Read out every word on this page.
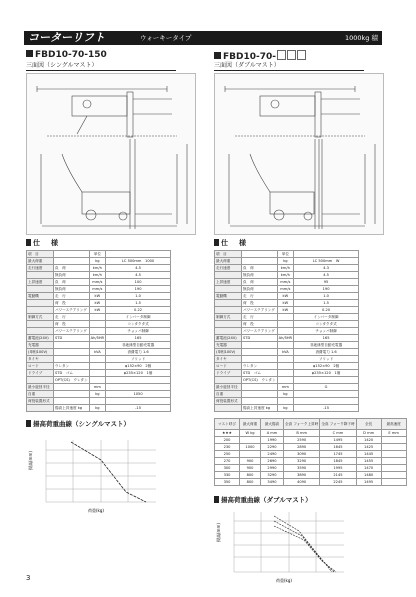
コーターリフト	ウォーキータイプ	1000kg 積
FBD10-70-150
三面図（シングルマスト）
FBD10-70-
三面図（ダブルマスト）
仕　様	仕　様
項　目		単位	
最大荷重		kg	LC 500mm　1000
走行速度	負　荷	km/h	4.5
	無負荷	km/h	4.5
上昇速度	負　荷	mm/s	100
	無負荷	mm/s	190
電動機	走　行	kW	1.0
	荷　役	kW	1.5
	パワーステアリング	kW	0.22
制御方式	走　行		インバータ制御
	荷　役		コンタクタ式
	パワーステアリング		チョッパ制御
蓄電池(24V)	STD	Ah/5HR	165
充電器			非絶縁型自動充電器
(単相100V)		kVA	消費電力 1.6
タイヤ			ソリッド
ロード	ウレタン		φ152×90　2個
ドライブ	STD　ゴム		φ235×120　1個
	OPT(CS)　ウレタン		
最小旋回半径		mm	
自重		kg	1050
荷役装置形式			
	揚高上昇速度 kg	kg	-15
項　目		単位	
最大荷重		kg	LC 500mm　W
走行速度	負　荷	km/h	4.3
	無負荷	km/h	4.5
上昇速度	負　荷	mm/s	95
	無負荷	mm/s	190
電動機	走　行	kW	1.0
	荷　役	kW	1.5
	パワーステアリング	kW	0.20
制御方式	走　行		インバータ制御
	荷　役		コンタクタ式
	パワーステアリング		チョッパ制御
蓄電池(24V)	STD	Ah/5HR	165
充電器			非絶縁型自動充電器
(単相100V)		kVA	消費電力 1.6
タイヤ			ソリッド
ロード	ウレタン		φ152×90　2個
ドライブ	STD　ゴム		φ235×120　1個
	OPT(CS)　ウレタン		
最小旋回半径		mm	G
自重		kg	
荷役装置形式			
	揚高上昇速度 kg	kg	-15
マスト呼び	最大荷重	最大揚高	全高 フォーク上昇時	全高 フォーク降下時	全長	最高速度
★★★	W kg	A mm	B mm	C mm	D mm	E mm
200		1990	2590	1495	1420	
230	1000	2290	2890	1645	1425	
250		2490	3090	1745	1445	
270	900	2690	3290	1845	1455	
300	900	2990	3590	1995	1470	
330	800	3290	3890	2145	1480	
350	800	3490	4090	2245	1495	
揚高荷重曲線（シングルマスト）
荷重(kg)
揚高(mm)
揚高荷重曲線（ダブルマスト）
荷重(kg)
揚高(mm)
3
